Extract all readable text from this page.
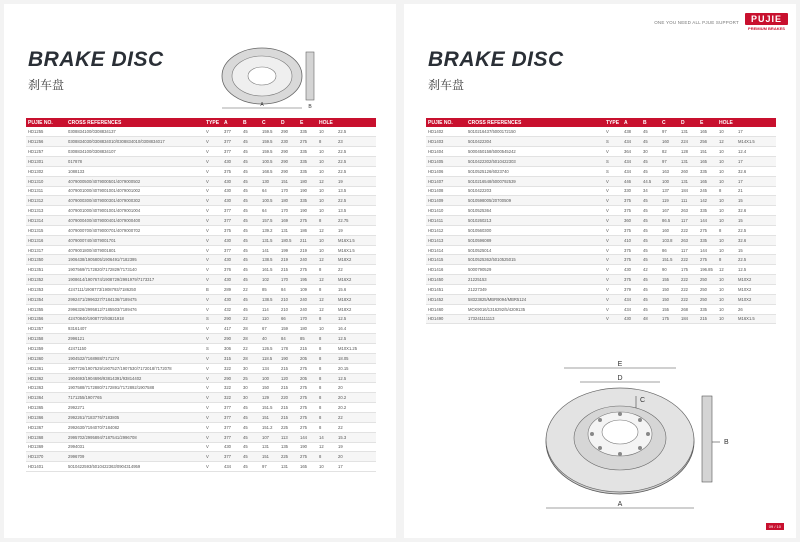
BRAKE DISC
刹车盘
A	B
PUJIE NO.	CROSS REFERENCES	TYPE	A	B	C	D	E	HOLE	
HD1255	0308834100/0308834137	V	377	45	159.5	290	335	10	22.5
HD1256	0308834030/0308834010/0308834010/0308834017	V	377	45	159.5	230	275	8	23
HD1257	0308834100/0308834107	V	377	45	159.5	290	335	10	22.5
HD1301	017878	V	430	45	100.5	290	335	10	22.5
HD1302	1088133	V	375	45	168.5	290	335	10	22.5
HD1310	4079000500/4079000501/4079000502	V	430	45	130	151	180	12	19
HD1311	4079001000/4079001001/4079001002	V	430	45	64	170	190	10	13.5
HD1312	4079000300/4079000301/4079000302	V	430	45	100.5	180	335	10	22.5
HD1313	4079001000/4079001001/4079001004	V	377	45	64	170	190	10	13.5
HD1314	4079000400/4079000401/4079000400	V	377	45	157.5	169	275	8	22.75
HD1315	4079000700/4079000701/4079000702	V	375	45	139.2	131	186	12	19
HD1316	4079000740/4079001701	V	430	45	131.5	180.5	211	10	M16X1.5
HD1317	4079001800/4079001801	V	377	45	141	199	219	10	M16X1.5
HD1350	1906438/1905805/1906491/7182395	V	430	45	138.5	219	240	12	M18X2
HD1351	1907569/7172820/7172829/7173140	V	376	45	161.5	215	275	8	22
HD1352	1908614/1907674/1908729/2991979/7173317	V	430	45	102	170	195	12	M16X2
HD1353	4247111/1908773/1908793/7186250	B	289	22	85	84	109	8	15.6
HD1354	2992471/2996327/7184136/7189475	V	430	45	138.5	210	240	12	M18X2
HD1355	2996326/2995812/7185503/7189476	V	432	45	114	210	240	12	M18X2
HD1356	42470840/1908772/93821918	S	290	22	110	66	170	8	12.5
HD1357	93161407	V	417	28	67	159	180	10	16.4
HD1358	2996121	V	290	28	40	84	85	8	12.5
HD1359	42471150	S	306	22	126.5	178	215	8	M10X1.25
HD1360	1904532/7168988/7171274	V	315	28	118.5	190	205	8	18.05
HD1361	1907726/1907529/1907527/1907530/7172018/7172078	V	322	30	134	215	275	8	20.15
HD1362	1904693/1904696/93814391/93814402	V	290	25	100	120	205	8	12.5
HD1363	1907588/7172880/7172891/7172892/1907588	V	322	30	150	215	275	8	20
HD1364	7171255/1907765	V	322	30	129	220	275	8	20.2
HD1365	2992271	V	377	45	151.5	215	275	8	20.2
HD1366	2992261/7183776/7183805	V	377	45	151	215	275	8	22
HD1367	2992630/7194070/7184082	V	377	45	151.2	225	275	8	22
HD1368	2995702/2995894/7187541/2996708	V	377	45	107	113	144	14	15.3
HD1369	2994031	V	430	45	131	135	190	12	19
HD1370	2996709	V	377	45	151	225	275	8	20
HD1401	5010422593/5010422363/0904314959	V	434	45	97	131	165	10	17
ONE YOU NEED ALL PJUE SUPPORT	PUJIE
PREMIUM BRAKES
BRAKE DISC
刹车盘
PUJIE NO.	CROSS REFERENCES	TYPE	A	B	C	D	E	HOLE	
HD1402	5010216437/5000172150	V	438	45	97	131	165	10	17
HD1403	5010422304	S	434	45	160	224	256	12	M14X1.5
HD1404	5000450158/5000545242	V	364	30	82	128	151	10	12.4
HD1405	5010422302/5010422303	S	434	45	97	131	165	10	17
HD1406	5010525126/6023740	S	434	45	163	260	335	10	32.6
HD1407	5010216548/5000792539	V	446	44.5	100	131	165	10	17
HD1408	5010422203	V	330	34	137	184	245	8	21
HD1409	5010598005/20700509	V	375	45	119	111	142	10	15
HD1410	5010525364	V	375	45	167	263	335	10	32.6
HD1411	5010260213	V	360	45	86.5	117	144	10	15
HD1412	5010560300	V	375	45	160	222	275	8	22.5
HD1413	5010596089	V	410	45	103.8	263	335	10	32.6
HD1414	5010525014	V	375	45	86	117	144	10	15
HD1415	5010525362/5010525015	V	375	45	151.5	222	275	8	22.5
HD1416	5000790529	V	430	42	90	175	196.85	12	12.5
HD1450	21225153	V	375	45	155	222	250	10	M10X2
HD1451	21227349	V	379	45	150	222	250	10	M10X2
HD1452	58323825/MBR9094/MBR5124	V	434	45	150	222	250	10	M10X2
HD1460	MCK9016/1316292/5/4209135	V	434	45	155	268	335	10	26
HD1490	173241111113	V	430	48	175	184	215	10	M16X1.5
E
D
B
C
A
09 / 10
